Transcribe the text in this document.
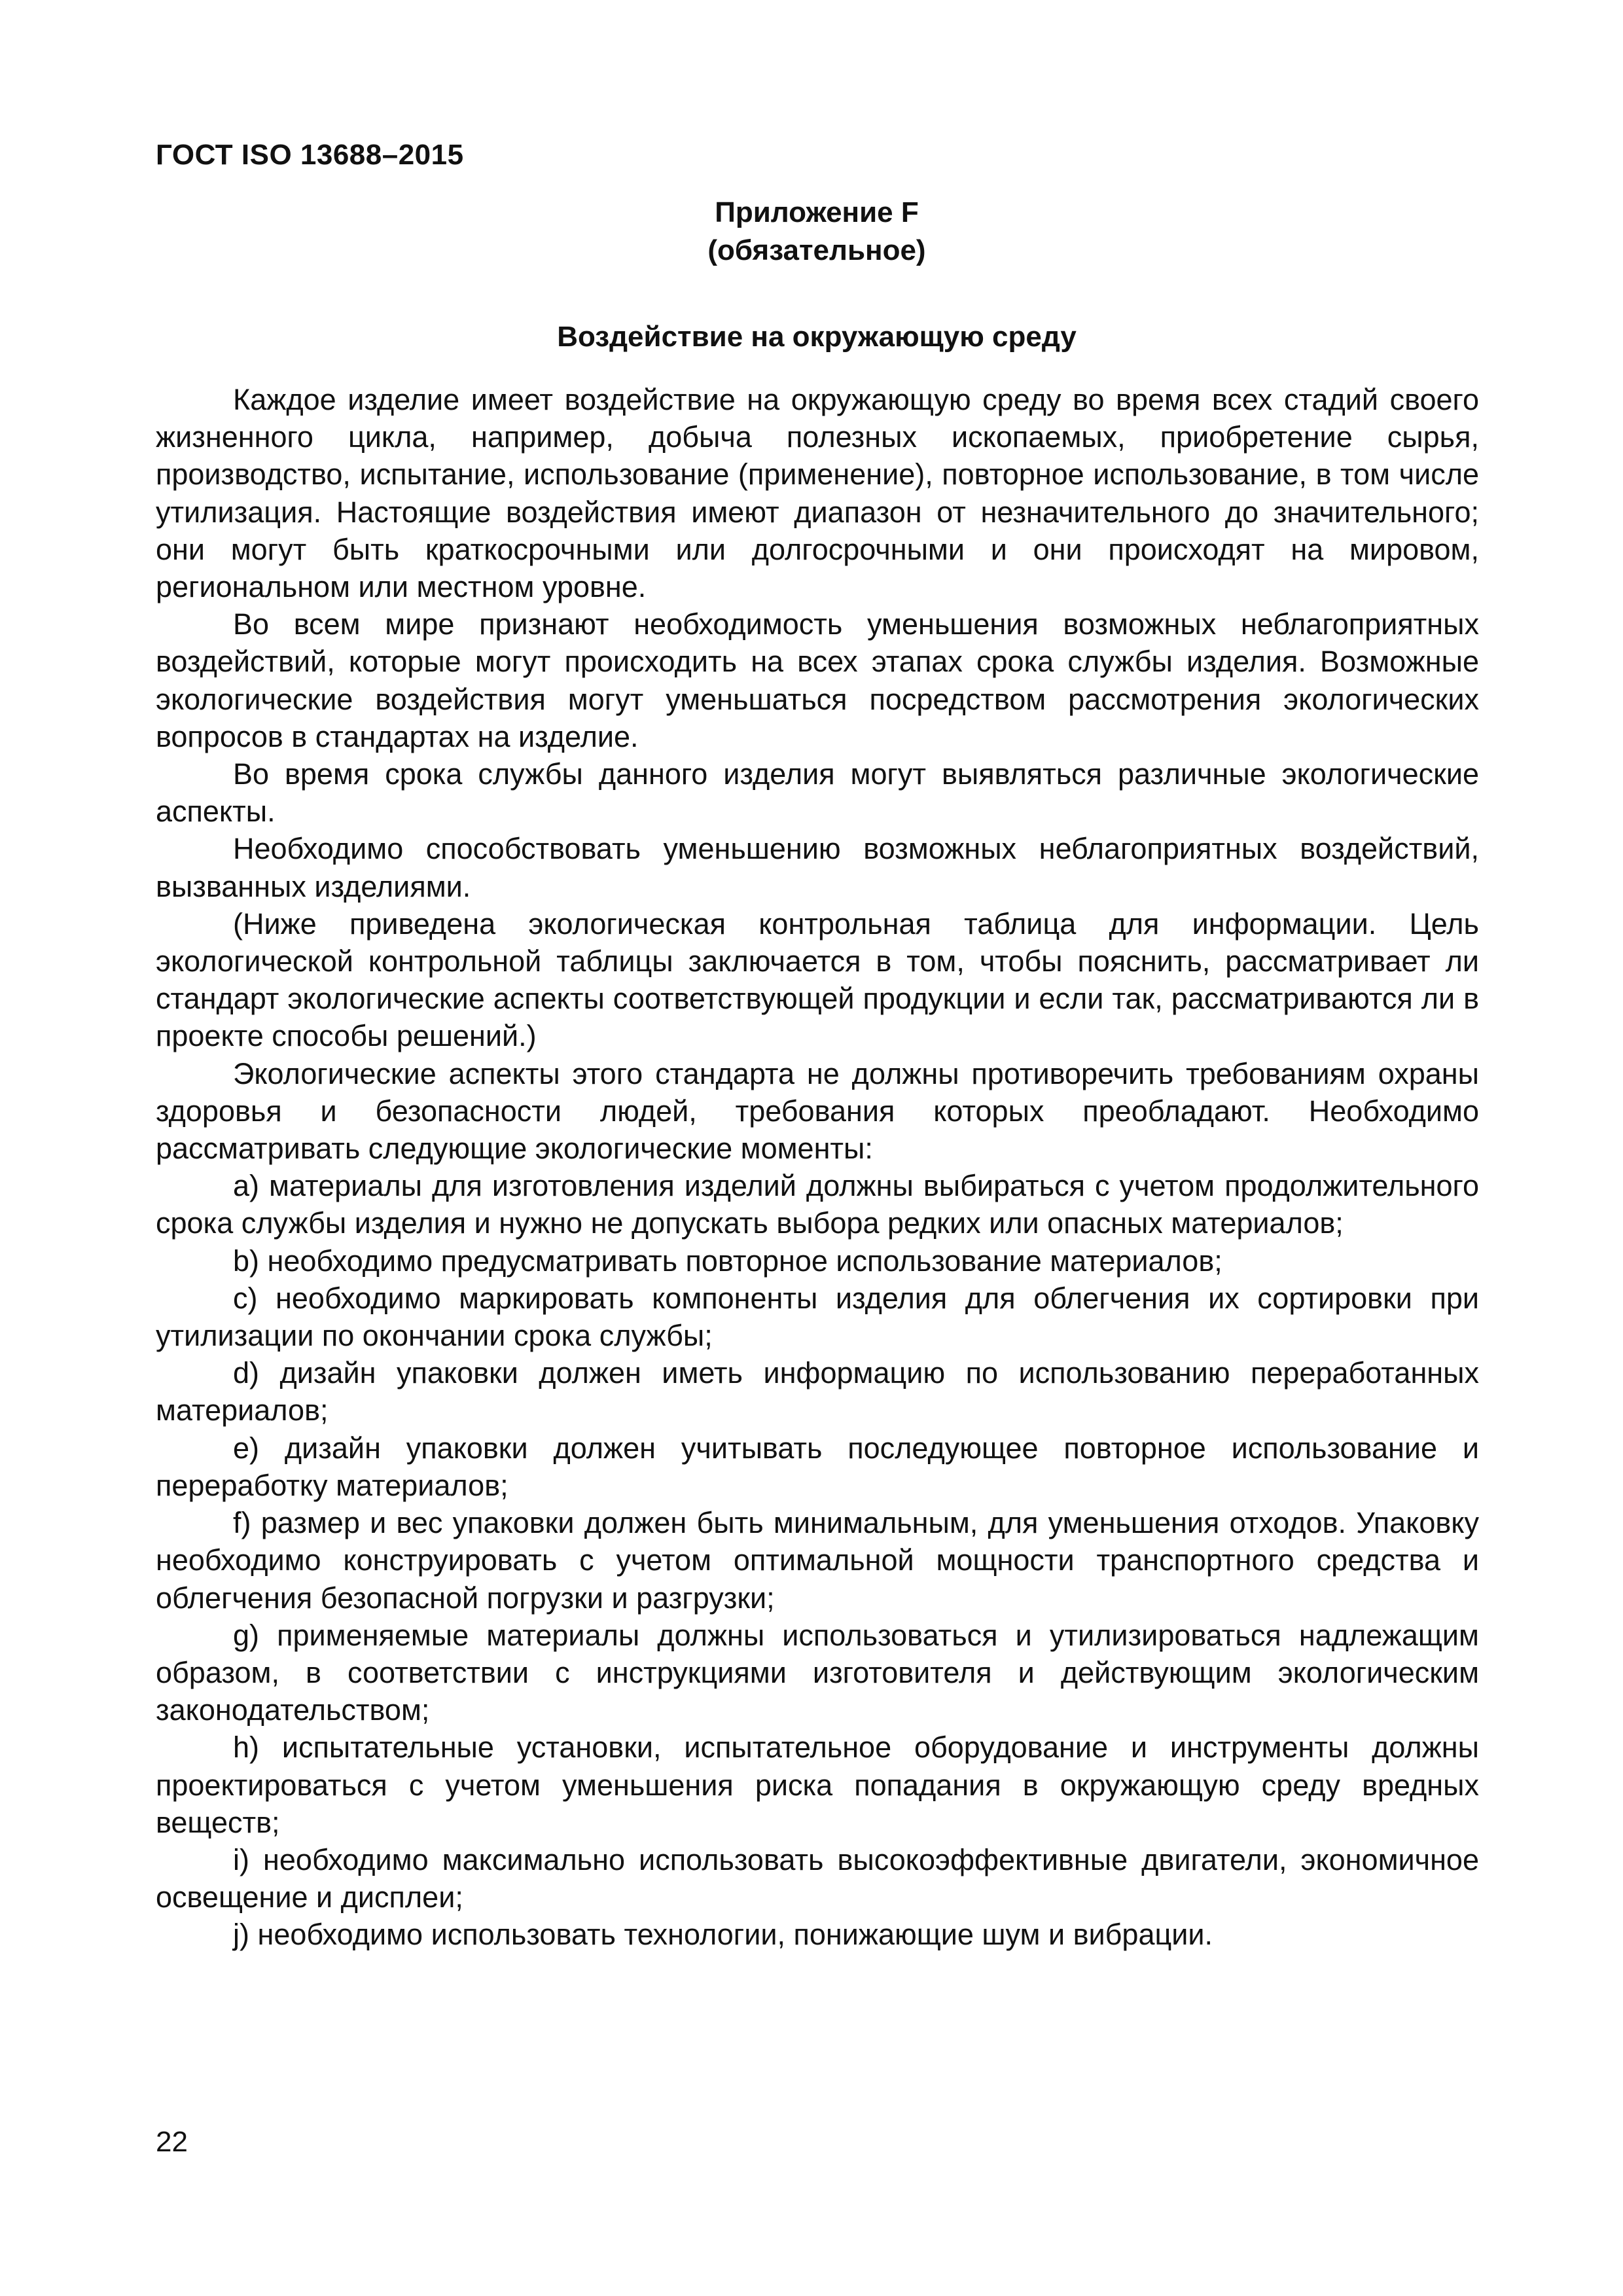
ГОСТ ISO 13688–2015
Приложение F
(обязательное)
Воздействие на окружающую среду

Каждое изделие имеет воздействие на окружающую среду во время всех стадий своего жизненного цикла, например, добыча полезных ископаемых, приобретение сырья, производство, испытание, использование (применение), повторное использование, в том числе утилизация. Настоящие воздействия имеют диапазон от незначительного до значительного; они могут быть краткосрочными или долгосрочными и они происходят на мировом, региональном или местном уровне.

Во всем мире признают необходимость уменьшения возможных неблагоприятных воздействий, которые могут происходить на всех этапах срока службы изделия. Возможные экологические воздействия могут уменьшаться посредством рассмотрения экологических вопросов в стандартах на изделие.

Во время срока службы данного изделия могут выявляться различные экологические аспекты.

Необходимо способствовать уменьшению возможных неблагоприятных воздействий, вызванных изделиями.

(Ниже приведена экологическая контрольная таблица для информации. Цель экологической контрольной таблицы заключается в том, чтобы пояснить, рассматривает ли стандарт экологические аспекты соответствующей продукции и если так, рассматриваются ли в проекте способы решений.)

Экологические аспекты этого стандарта не должны противоречить требованиям охраны здоровья и безопасности людей, требования которых преобладают. Необходимо рассматривать следующие экологические моменты:

а) материалы для изготовления изделий должны выбираться с учетом продолжительного срока службы изделия и нужно не допускать выбора редких или опасных материалов;

b) необходимо предусматривать повторное использование материалов;

с) необходимо маркировать компоненты изделия для облегчения их сортировки при утилизации по окончании срока службы;

d) дизайн упаковки должен иметь информацию по использованию переработанных материалов;

е) дизайн упаковки должен учитывать последующее повторное использование и переработку материалов;

f) размер и вес упаковки должен быть минимальным, для уменьшения отходов. Упаковку необходимо конструировать с учетом оптимальной мощности транспортного средства и облегчения безопасной погрузки и разгрузки;

g) применяемые материалы должны использоваться и утилизироваться надлежащим образом, в соответствии с инструкциями изготовителя и действующим экологическим законодательством;

h) испытательные установки, испытательное оборудование и инструменты должны проектироваться с учетом уменьшения риска попадания в окружающую среду вредных веществ;

i) необходимо максимально использовать высокоэффективные двигатели, экономичное освещение и дисплеи;

j) необходимо использовать технологии, понижающие шум и вибрации.

22
